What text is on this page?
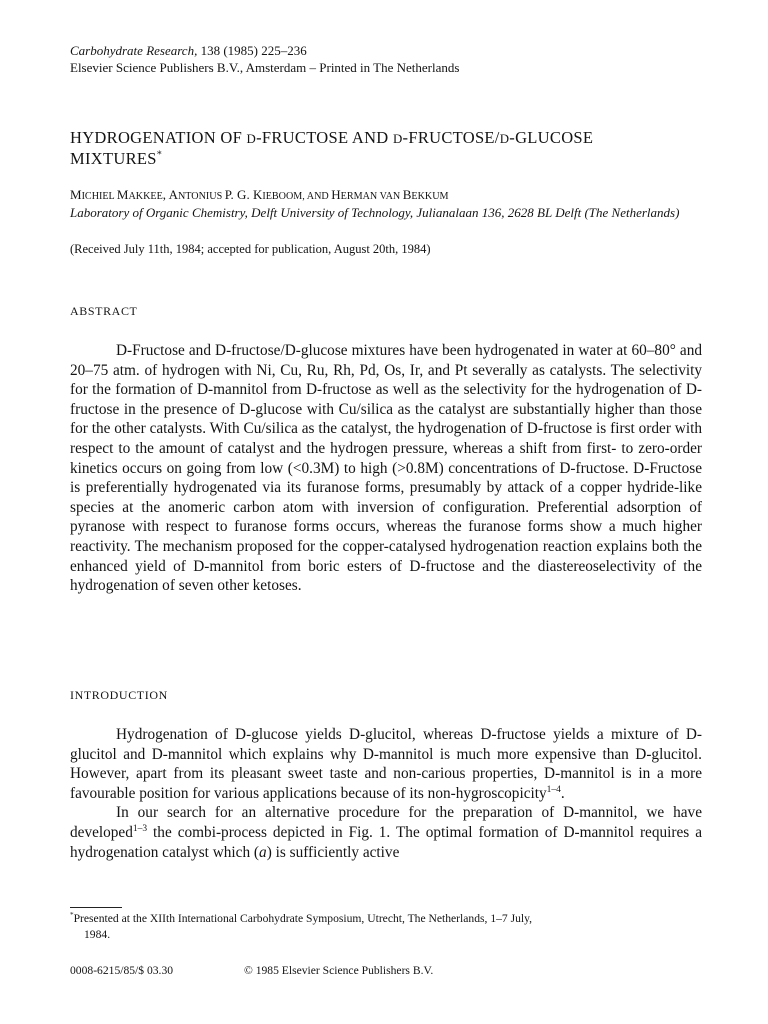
Carbohydrate Research, 138 (1985) 225–236
Elsevier Science Publishers B.V., Amsterdam – Printed in The Netherlands
HYDROGENATION OF D-FRUCTOSE AND D-FRUCTOSE/D-GLUCOSE
MIXTURES*
MICHIEL MAKKEE, ANTONIUS P. G. KIEBOOM, AND HERMAN VAN BEKKUM
Laboratory of Organic Chemistry, Delft University of Technology, Julianalaan 136, 2628 BL Delft (The Netherlands)
(Received July 11th, 1984; accepted for publication, August 20th, 1984)
ABSTRACT
D-Fructose and D-fructose/D-glucose mixtures have been hydrogenated in water at 60–80° and 20–75 atm. of hydrogen with Ni, Cu, Ru, Rh, Pd, Os, Ir, and Pt severally as catalysts. The selectivity for the formation of D-mannitol from D-fructose as well as the selectivity for the hydrogenation of D-fructose in the presence of D-glucose with Cu/silica as the catalyst are substantially higher than those for the other catalysts. With Cu/silica as the catalyst, the hydrogenation of D-fructose is first order with respect to the amount of catalyst and the hydrogen pressure, whereas a shift from first- to zero-order kinetics occurs on going from low (<0.3M) to high (>0.8M) concentrations of D-fructose. D-Fructose is preferentially hydrogenated via its furanose forms, presumably by attack of a copper hydride-like species at the anomeric carbon atom with inversion of configuration. Preferential adsorption of pyranose with respect to furanose forms occurs, whereas the furanose forms show a much higher reactivity. The mechanism proposed for the copper-catalysed hydrogenation reaction explains both the enhanced yield of D-mannitol from boric esters of D-fructose and the diastereoselectivity of the hydrogenation of seven other ketoses.
INTRODUCTION

Hydrogenation of D-glucose yields D-glucitol, whereas D-fructose yields a mixture of D-glucitol and D-mannitol which explains why D-mannitol is much more expensive than D-glucitol. However, apart from its pleasant sweet taste and non-carious properties, D-mannitol is in a more favourable position for various applications because of its non-hygroscopicity$^{1-4}$.

In our search for an alternative procedure for the preparation of D-mannitol, we have developed$^{1-3}$ the combi-process depicted in Fig. 1. The optimal formation of D-mannitol requires a hydrogenation catalyst which (a) is sufficiently active

*Presented at the XIIth International Carbohydrate Symposium, Utrecht, The Netherlands, 1–7 July,
1984.
0008-6215/85/$ 03.30	© 1985 Elsevier Science Publishers B.V.
